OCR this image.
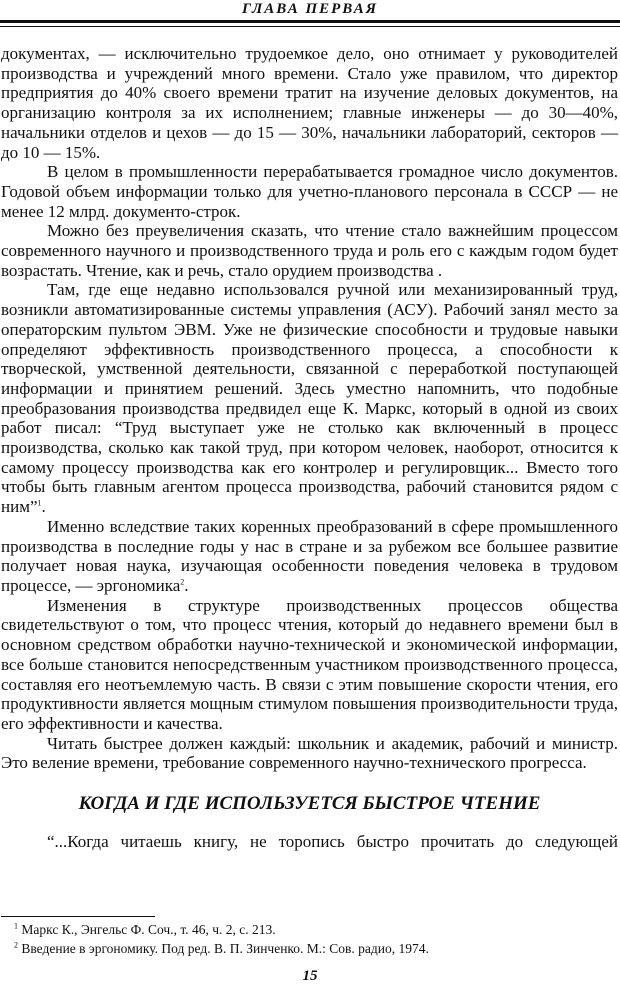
ГЛАВА ПЕРВАЯ

документах, — исключительно трудоемкое дело, оно отнимает у руководителей производства и учреждений много времени. Стало уже правилом, что директор предприятия до 40% своего времени тратит на изучение деловых документов, на организацию контроля за их исполнением; главные инженеры — до 30—40%, начальники отделов и цехов — до 15 — 30%, начальники лабораторий, секторов — до 10 — 15%.

В целом в промышленности перерабатывается громадное число документов. Годовой объем информации только для учетно-планового персонала в СССР — не менее 12 млрд. документо-строк.

Можно без преувеличения сказать, что чтение стало важнейшим процессом современного научного и производственного труда и роль его с каждым годом будет возрастать. Чтение, как и речь, стало орудием производства .

Там, где еще недавно использовался ручной или механизированный труд, возникли автоматизированные системы управления (АСУ). Рабочий занял место за операторским пультом ЭВМ. Уже не физические способности и трудовые навыки определяют эффективность производственного процесса, а способности к творческой, умственной деятельности, связанной с переработкой поступающей информации и принятием решений. Здесь уместно напомнить, что подобные преобразования производства предвидел еще К. Маркс, который в одной из своих работ писал: “Труд выступает уже не столько как включенный в процесс производства, сколько как такой труд, при котором человек, наоборот, относится к самому процессу производства как его контролер и регулировщик... Вместо того чтобы быть главным агентом процесса производства, рабочий становится рядом с ним”$^1$.

Именно вследствие таких коренных преобразований в сфере промышленного производства в последние годы у нас в стране и за рубежом все большее развитие получает новая наука, изучающая особенности поведения человека в трудовом процессе, — эргономика$^2$.

Изменения в структуре производственных процессов общества свидетельствуют о том, что процесс чтения, который до недавнего времени был в основном средством обработки научно-технической и экономической информации, все больше становится непосредственным участником производственного процесса, составляя его неотъемлемую часть. В связи с этим повышение скорости чтения, его продуктивности является мощным стимулом повышения производительности труда, его эффективности и качества.

Читать быстрее должен каждый: школьник и академик, рабочий и министр. Это веление времени, требование современного научно-технического прогресса.

КОГДА И ГДЕ ИСПОЛЬЗУЕТСЯ БЫСТРОЕ ЧТЕНИЕ

“...Когда читаешь книгу, не торопись быстро прочитать до следующей

$^1$ Маркс К., Энгельс Ф. Соч., т. 46, ч. 2, с. 213.
$^2$ Введение в эргономику. Под ред. В. П. Зинченко. М.: Сов. радио, 1974.
15
